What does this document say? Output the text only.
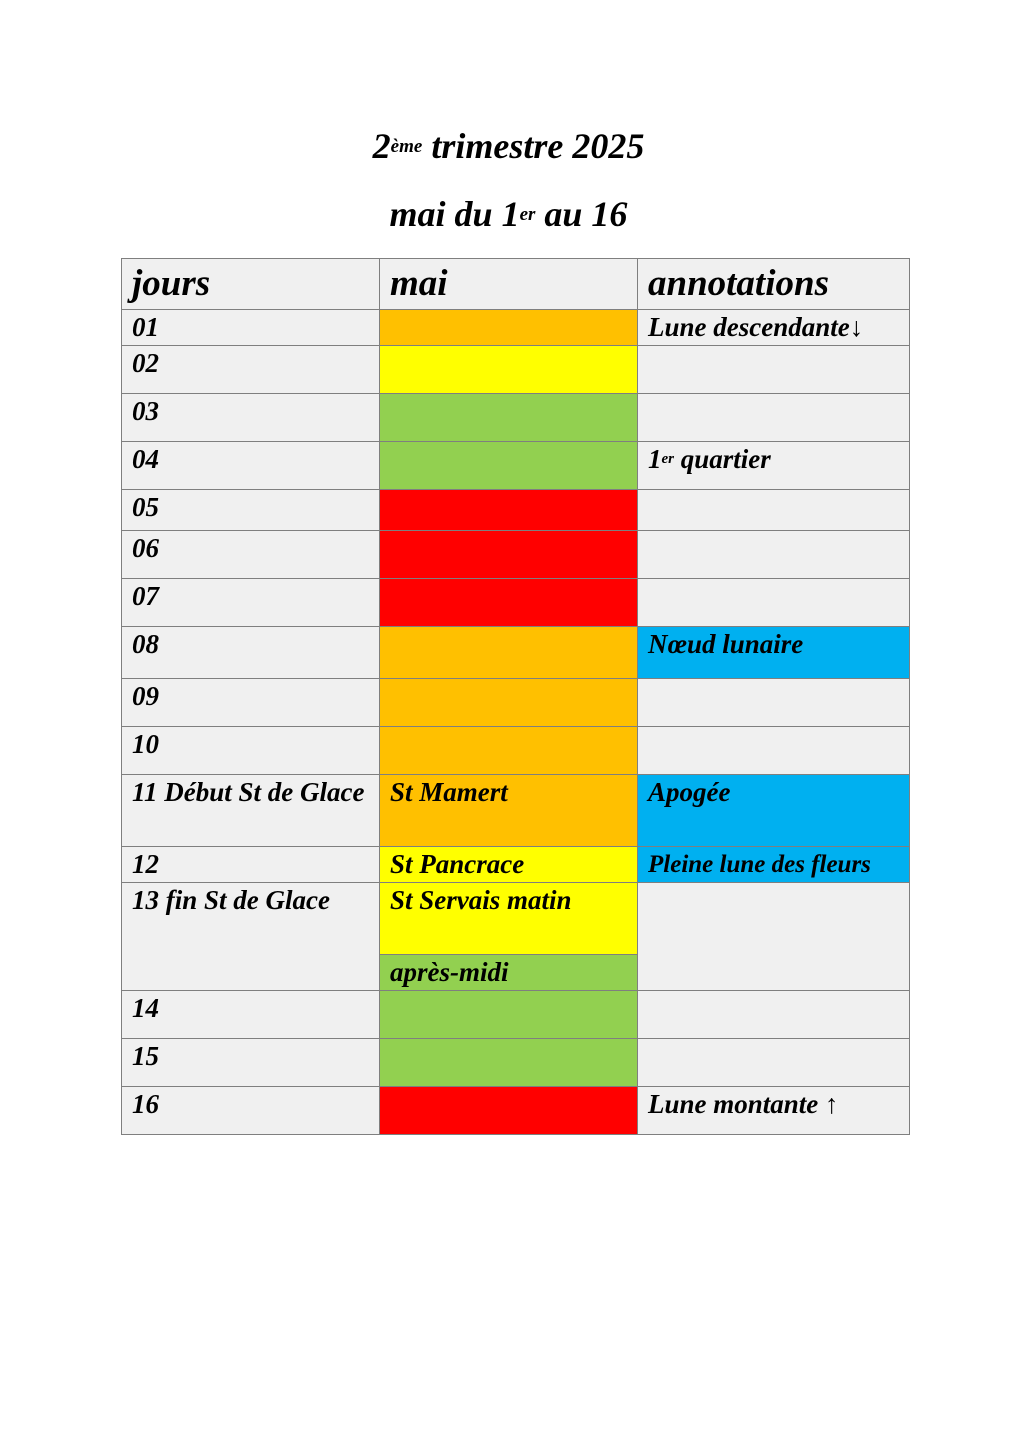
2ème trimestre 2025
mai du 1er au 16
jours	mai	annotations
01		Lune descendante↓
02		
03		
04		1er quartier
05		
06		
07		
08		Nœud lunaire
09		
10		
11 Début St de Glace	St Mamert	Apogée
12	St Pancrace	Pleine lune des fleurs
13 fin St de Glace	St Servais matin	
	après-midi	
14		
15		
16		Lune montante ↑
